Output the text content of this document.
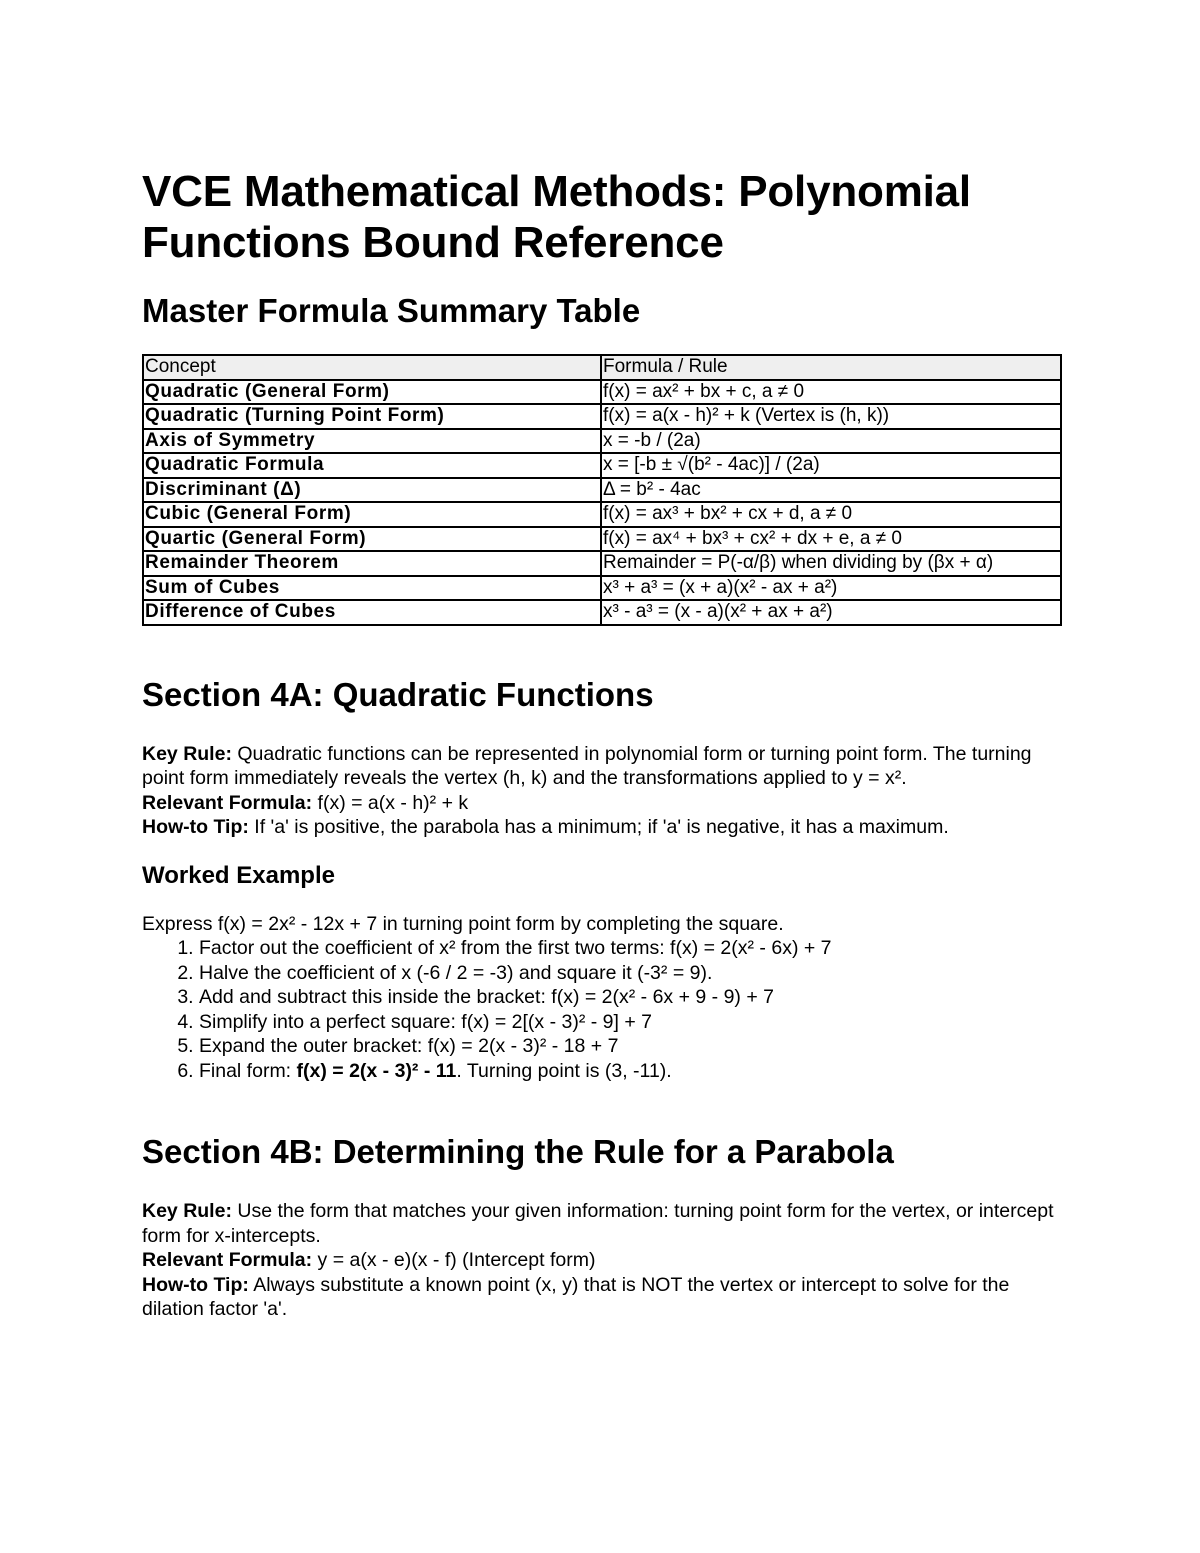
VCE Mathematical Methods: Polynomial Functions Bound Reference
Master Formula Summary Table
Concept	Formula / Rule
Quadratic (General Form)	f(x) = ax² + bx + c, a ≠ 0
Quadratic (Turning Point Form)	f(x) = a(x - h)² + k (Vertex is (h, k))
Axis of Symmetry	x = -b / (2a)
Quadratic Formula	x = [-b ± √(b² - 4ac)] / (2a)
Discriminant (Δ)	Δ = b² - 4ac
Cubic (General Form)	f(x) = ax³ + bx² + cx + d, a ≠ 0
Quartic (General Form)	f(x) = ax⁴ + bx³ + cx² + dx + e, a ≠ 0
Remainder Theorem	Remainder = P(-α/β) when dividing by (βx + α)
Sum of Cubes	x³ + a³ = (x + a)(x² - ax + a²)
Difference of Cubes	x³ - a³ = (x - a)(x² + ax + a²)
Section 4A: Quadratic Functions

Key Rule: Quadratic functions can be represented in polynomial form or turning point form. The turning point form immediately reveals the vertex (h, k) and the transformations applied to y = x².

Relevant Formula: f(x) = a(x - h)² + k

How-to Tip: If 'a' is positive, the parabola has a minimum; if 'a' is negative, it has a maximum.

Worked Example

Express f(x) = 2x² - 12x + 7 in turning point form by completing the square.

1. Factor out the coefficient of x² from the first two terms: f(x) = 2(x² - 6x) + 7
2. Halve the coefficient of x (-6 / 2 = -3) and square it (-3² = 9).
3. Add and subtract this inside the bracket: f(x) = 2(x² - 6x + 9 - 9) + 7
4. Simplify into a perfect square: f(x) = 2[(x - 3)² - 9] + 7
5. Expand the outer bracket: f(x) = 2(x - 3)² - 18 + 7
6. Final form: f(x) = 2(x - 3)² - 11. Turning point is (3, -11).
Section 4B: Determining the Rule for a Parabola

Key Rule: Use the form that matches your given information: turning point form for the vertex, or intercept form for x-intercepts.

Relevant Formula: y = a(x - e)(x - f) (Intercept form)

How-to Tip: Always substitute a known point (x, y) that is NOT the vertex or intercept to solve for the dilation factor 'a'.
